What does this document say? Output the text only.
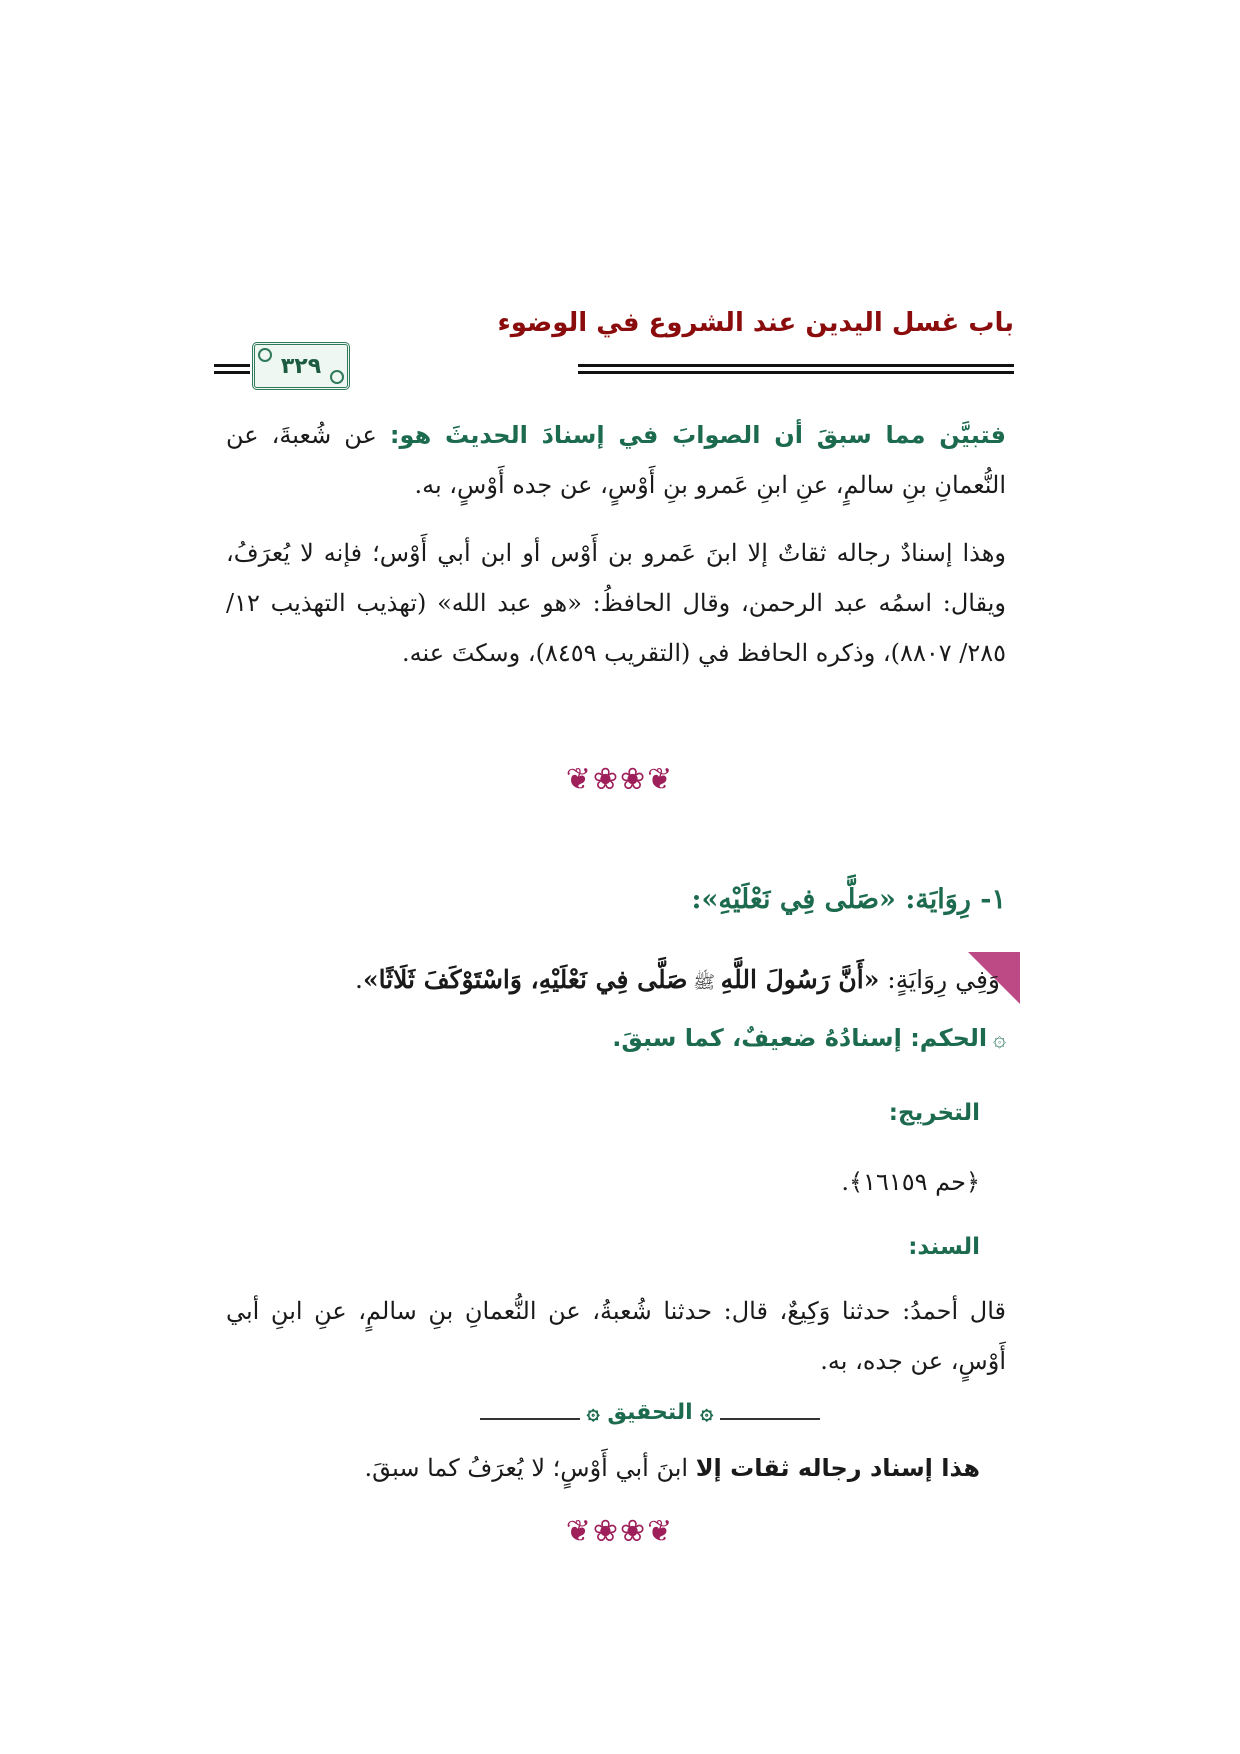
باب غسل اليدين عند الشروع في الوضوء
٣٢٩
فتبيَّن مما سبقَ أن الصوابَ في إسنادَ الحديثَ هو: عن شُعبةَ، عن النُّعمانِ بنِ سالمٍ، عنِ ابنِ عَمرو بنِ أَوْسٍ، عن جده أَوْسٍ، به.
وهذا إسنادٌ رجاله ثقاتٌ إلا ابنَ عَمرو بن أَوْس أو ابن أبي أَوْس؛ فإنه لا يُعرَفُ، ويقال: اسمُه عبد الرحمن، وقال الحافظُ: «هو عبد الله» (تهذيب التهذيب ١٢/ ٢٨٥/ ٨٨٠٧)، وذكره الحافظ في (التقريب ٨٤٥٩)، وسكتَ عنه.
❦❀❀❦
١- رِوَايَة: «صَلَّى فِي نَعْلَيْهِ»:
وَفِي رِوَايَةٍ: «أَنَّ رَسُولَ اللَّهِ ﷺ صَلَّى فِي نَعْلَيْهِ، وَاسْتَوْكَفَ ثَلَاثًا».
۞الحكم: إسنادُهُ ضعيفٌ، كما سبقَ.
التخريج:
﴿حم ١٦١٥٩﴾.
السند:
قال أحمدُ: حدثنا وَكِيعٌ، قال: حدثنا شُعبةُ، عن النُّعمانِ بنِ سالمٍ، عنِ ابنِ أبي أَوْسٍ، عن جده، به.
۞ التحقيق ۞
هذا إسناد رجاله ثقات إلا ابنَ أبي أَوْسٍ؛ لا يُعرَفُ كما سبقَ.
❦❀❀❦
